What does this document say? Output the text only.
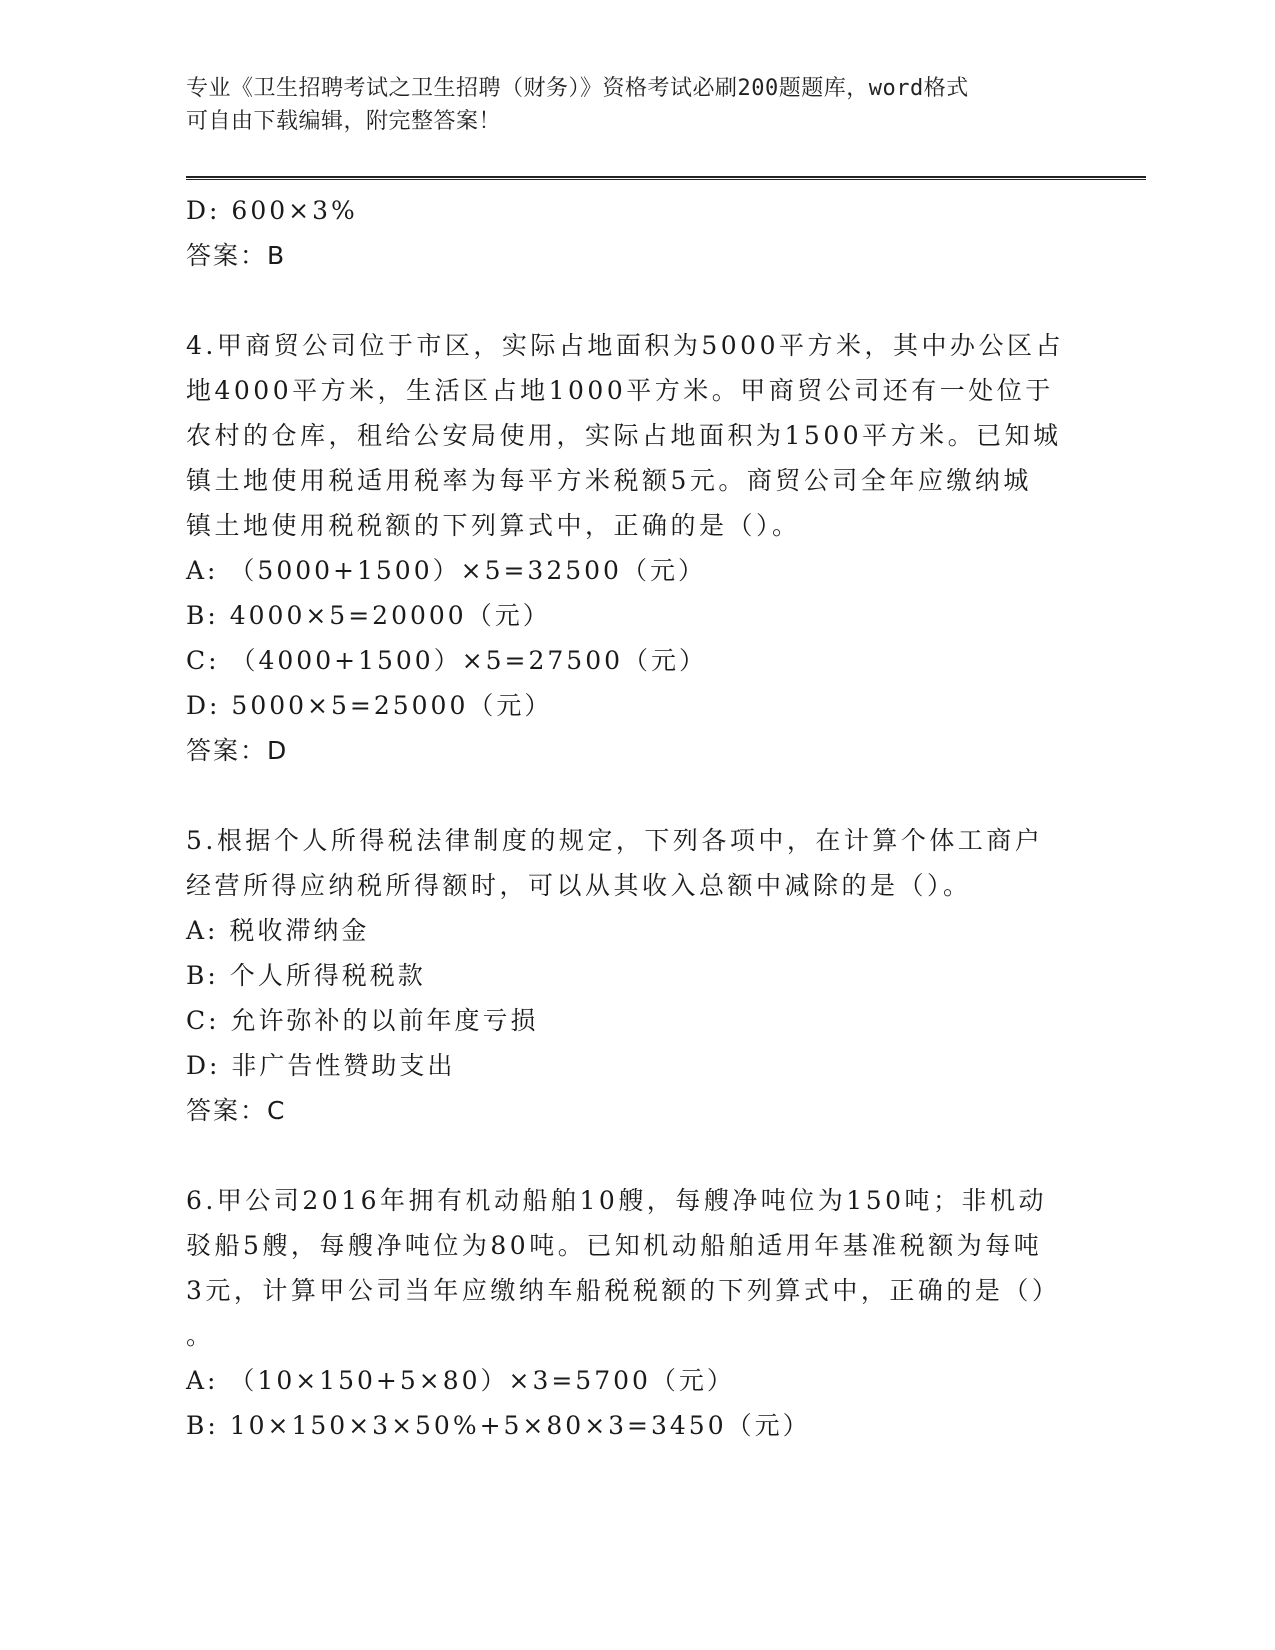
专业《卫生招聘考试之卫生招聘（财务）》资格考试必刷200题题库，word格式
可自由下载编辑，附完整答案！
D: 600×3%
答案：B
4.甲商贸公司位于市区，实际占地面积为5000平方米，其中办公区占
地4000平方米，生活区占地1000平方米。甲商贸公司还有一处位于
农村的仓库，租给公安局使用，实际占地面积为1500平方米。已知城
镇土地使用税适用税率为每平方米税额5元。商贸公司全年应缴纳城
镇土地使用税税额的下列算式中，正确的是（）。
A: （5000+1500）×5=32500（元）
B: 4000×5=20000（元）
C: （4000+1500）×5=27500（元）
D: 5000×5=25000（元）
答案：D
5.根据个人所得税法律制度的规定，下列各项中，在计算个体工商户
经营所得应纳税所得额时，可以从其收入总额中减除的是（）。
A: 税收滞纳金
B: 个人所得税税款
C: 允许弥补的以前年度亏损
D: 非广告性赞助支出
答案：C
6.甲公司2016年拥有机动船舶10艘，每艘净吨位为150吨；非机动
驳船5艘，每艘净吨位为80吨。已知机动船舶适用年基准税额为每吨
3元，计算甲公司当年应缴纳车船税税额的下列算式中，正确的是（）
。
A: （10×150+5×80）×3=5700（元）
B: 10×150×3×50%+5×80×3=3450（元）
